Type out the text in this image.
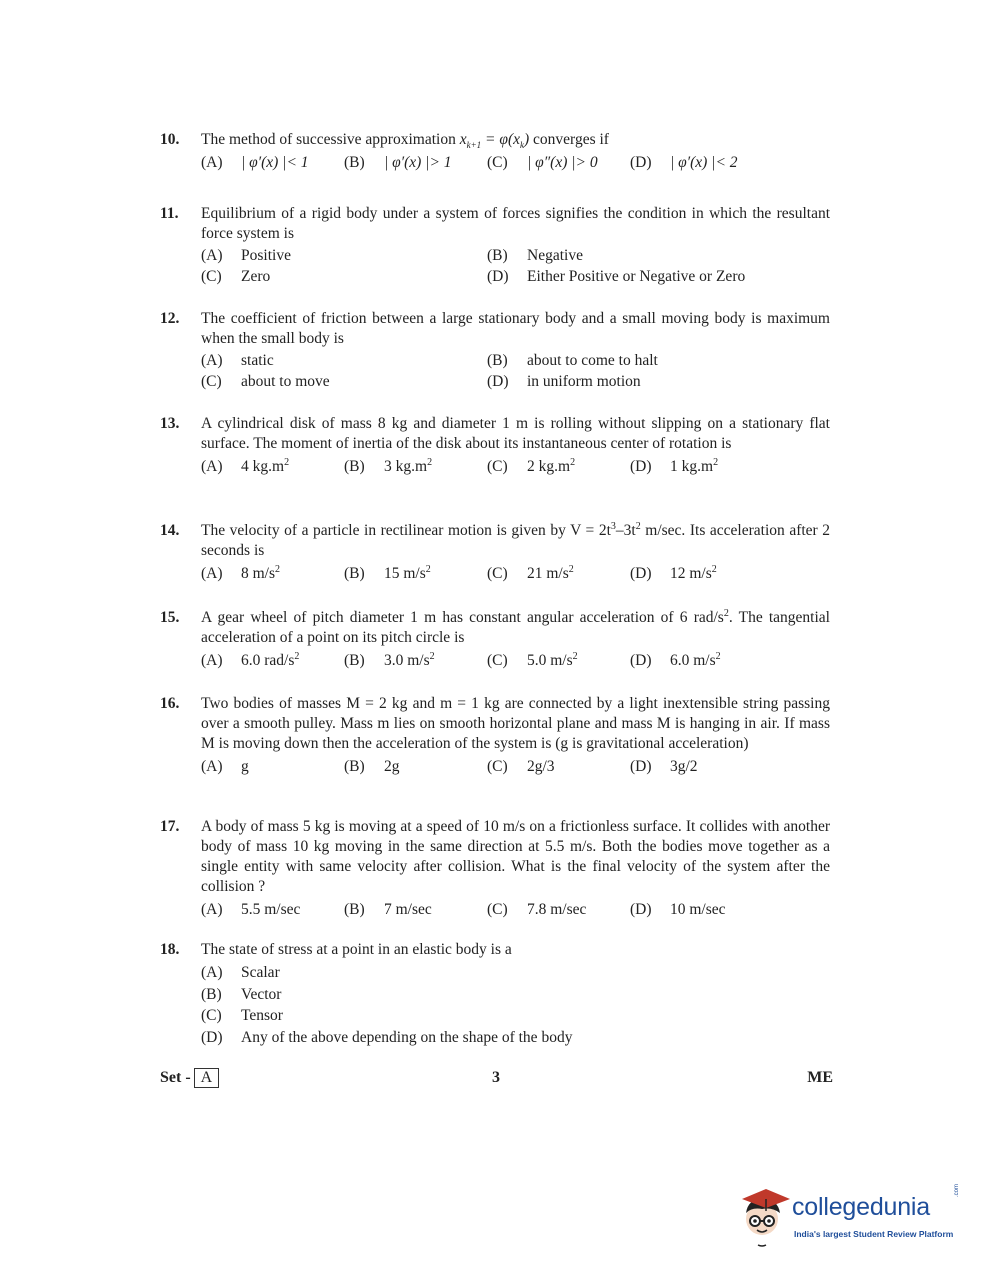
10. The method of successive approximation $x_{k+1} = \varphi(x_k)$ converges if
(A) | φ′(x) |< 1	(B) | φ′(x) |> 1	(C) | φ″(x) |> 0	(D) | φ′(x) |< 2
11. Equilibrium of a rigid body under a system of forces signifies the condition in which the resultant force system is
(A) Positive	(B) Negative
(C) Zero	(D) Either Positive or Negative or Zero
12. The coefficient of friction between a large stationary body and a small moving body is maximum when the small body is
(A) static	(B) about to come to halt
(C) about to move	(D) in uniform motion
13. A cylindrical disk of mass 8 kg and diameter 1 m is rolling without slipping on a stationary flat surface. The moment of inertia of the disk about its instantaneous center of rotation is
(A) 4 $kg.m^2$	(B) 3 $kg.m^2$	(C) 2 $kg.m^2$	(D) 1 $kg.m^2$
14. The velocity of a particle in rectilinear motion is given by $V = 2t^3-3t^2$ m/sec. Its acceleration after 2 seconds is
(A) 8 $m/s^2$	(B) 15 $m/s^2$	(C) 21 $m/s^2$	(D) 12 $m/s^2$
15. A gear wheel of pitch diameter 1 m has constant angular acceleration of 6 rad/$s^2$. The tangential acceleration of a point on its pitch circle is
(A) 6.0 rad/$s^2$	(B) 3.0 $m/s^2$	(C) 5.0 $m/s^2$	(D) 6.0 $m/s^2$
16. Two bodies of masses M = 2 kg and m = 1 kg are connected by a light inextensible string passing over a smooth pulley. Mass m lies on smooth horizontal plane and mass M is hanging in air. If mass M is moving down then the acceleration of the system is (g is gravitational acceleration)
(A) g	(B) 2g	(C) 2g/3	(D) 3g/2
17. A body of mass 5 kg is moving at a speed of 10 m/s on a frictionless surface. It collides with another body of mass 10 kg moving in the same direction at 5.5 m/s. Both the bodies move together as a single entity with same velocity after collision. What is the final velocity of the system after the collision ?
(A) 5.5 m/sec	(B) 7 m/sec	(C) 7.8 m/sec	(D) 10 m/sec
18. The state of stress at a point in an elastic body is a
(A) Scalar
(B) Vector
(C) Tensor
(D) Any of the above depending on the shape of the body
Set - A	3	ME
collegedunia
.com
India's largest Student Review Platform
